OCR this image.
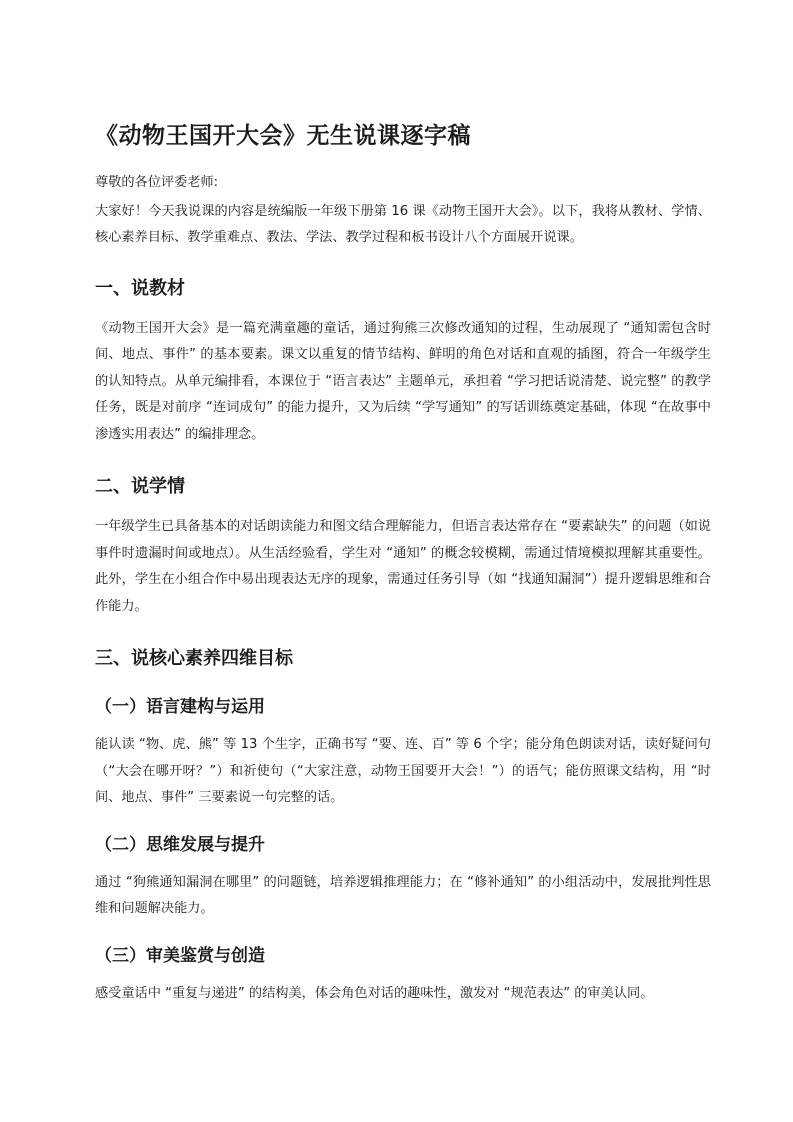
《动物王国开大会》无生说课逐字稿

尊敬的各位评委老师:

大家好！今天我说课的内容是统编版一年级下册第 16 课《动物王国开大会》。以下，我将从教材、学情、核心素养目标、教学重难点、教法、学法、教学过程和板书设计八个方面展开说课。

一、说教材

《动物王国开大会》是一篇充满童趣的童话，通过狗熊三次修改通知的过程，生动展现了 “通知需包含时间、地点、事件” 的基本要素。课文以重复的情节结构、鲜明的角色对话和直观的插图，符合一年级学生的认知特点。从单元编排看，本课位于 “语言表达” 主题单元，承担着 “学习把话说清楚、说完整” 的教学任务，既是对前序 “连词成句” 的能力提升，又为后续 “学写通知” 的写话训练奠定基础，体现 “在故事中渗透实用表达” 的编排理念。

二、说学情

一年级学生已具备基本的对话朗读能力和图文结合理解能力，但语言表达常存在 “要素缺失” 的问题（如说事件时遗漏时间或地点）。从生活经验看，学生对 “通知” 的概念较模糊，需通过情境模拟理解其重要性。此外，学生在小组合作中易出现表达无序的现象，需通过任务引导（如 “找通知漏洞”）提升逻辑思维和合作能力。

三、说核心素养四维目标
（一）语言建构与运用

能认读 “物、虎、熊” 等 13 个生字，正确书写 “要、连、百” 等 6 个字；能分角色朗读对话，读好疑问句（“大会在哪开呀？”）和祈使句（“大家注意，动物王国要开大会！”）的语气；能仿照课文结构，用 “时间、地点、事件” 三要素说一句完整的话。

（二）思维发展与提升

通过 “狗熊通知漏洞在哪里” 的问题链，培养逻辑推理能力；在 “修补通知” 的小组活动中，发展批判性思维和问题解决能力。

（三）审美鉴赏与创造

感受童话中 “重复与递进” 的结构美，体会角色对话的趣味性，激发对 “规范表达” 的审美认同。
